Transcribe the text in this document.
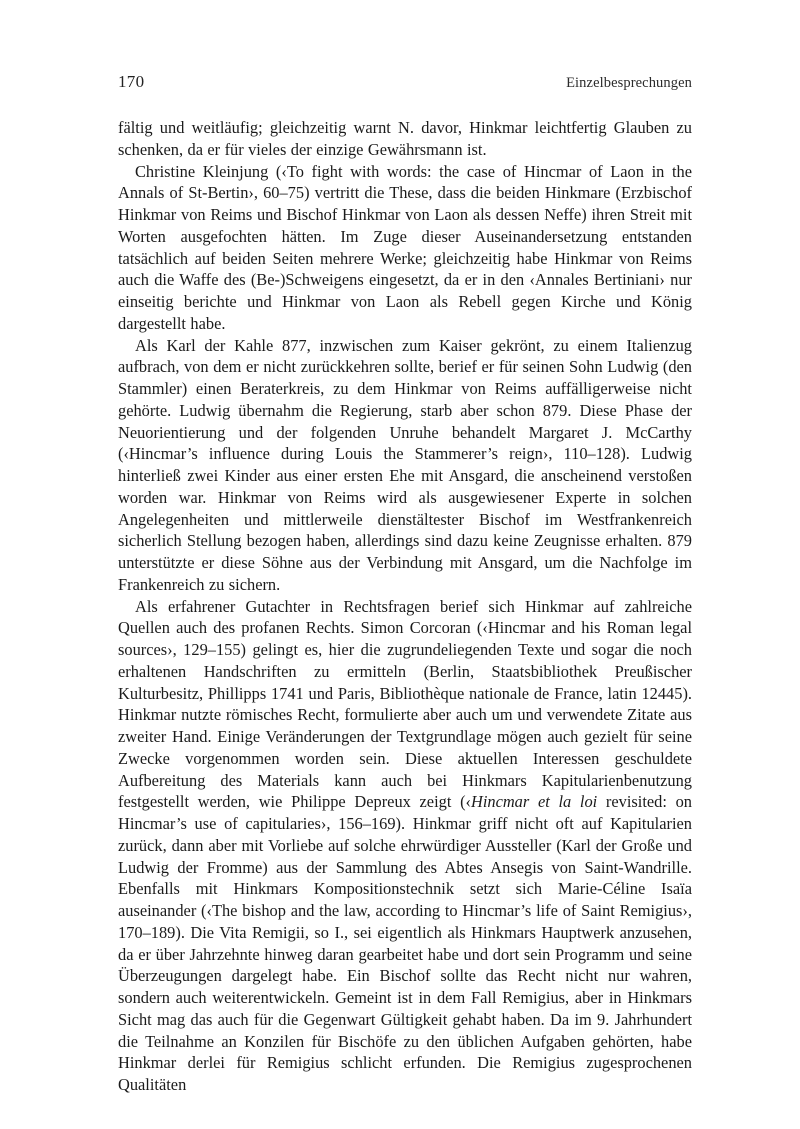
170	Einzelbesprechungen

fältig und weitläufig; gleichzeitig warnt N. davor, Hinkmar leichtfertig Glauben zu schenken, da er für vieles der einzige Gewährsmann ist.

Christine Kleinjung (‹To fight with words: the case of Hincmar of Laon in the Annals of St-Bertin›, 60–75) vertritt die These, dass die beiden Hinkmare (Erzbischof Hinkmar von Reims und Bischof Hinkmar von Laon als dessen Neffe) ihren Streit mit Worten ausgefochten hätten. Im Zuge dieser Auseinandersetzung entstanden tatsächlich auf beiden Seiten mehrere Werke; gleichzeitig habe Hinkmar von Reims auch die Waffe des (Be-)Schweigens eingesetzt, da er in den ‹Annales Bertiniani› nur einseitig berichte und Hinkmar von Laon als Rebell gegen Kirche und König dargestellt habe.

Als Karl der Kahle 877, inzwischen zum Kaiser gekrönt, zu einem Italienzug aufbrach, von dem er nicht zurückkehren sollte, berief er für seinen Sohn Ludwig (den Stammler) einen Beraterkreis, zu dem Hinkmar von Reims auffälligerweise nicht gehörte. Ludwig übernahm die Regierung, starb aber schon 879. Diese Phase der Neuorientierung und der folgenden Unruhe behandelt Margaret J. McCarthy (‹Hincmar’s influence during Louis the Stammerer’s reign›, 110–128). Ludwig hinterließ zwei Kinder aus einer ersten Ehe mit Ansgard, die anscheinend verstoßen worden war. Hinkmar von Reims wird als ausgewiesener Experte in solchen Angelegenheiten und mittlerweile dienstältester Bischof im Westfrankenreich sicherlich Stellung bezogen haben, allerdings sind dazu keine Zeugnisse erhalten. 879 unterstützte er diese Söhne aus der Verbindung mit Ansgard, um die Nachfolge im Frankenreich zu sichern.

Als erfahrener Gutachter in Rechtsfragen berief sich Hinkmar auf zahlreiche Quellen auch des profanen Rechts. Simon Corcoran (‹Hincmar and his Roman legal sources›, 129–155) gelingt es, hier die zugrundeliegenden Texte und sogar die noch erhaltenen Handschriften zu ermitteln (Berlin, Staatsbibliothek Preußischer Kulturbesitz, Phillipps 1741 und Paris, Bibliothèque nationale de France, latin 12445). Hinkmar nutzte römisches Recht, formulierte aber auch um und verwendete Zitate aus zweiter Hand. Einige Veränderungen der Textgrundlage mögen auch gezielt für seine Zwecke vorgenommen worden sein. Diese aktuellen Interessen geschuldete Aufbereitung des Materials kann auch bei Hinkmars Kapitularienbenutzung festgestellt werden, wie Philippe Depreux zeigt (‹Hincmar et la loi revisited: on Hincmar’s use of capitularies›, 156–169). Hinkmar griff nicht oft auf Kapitularien zurück, dann aber mit Vorliebe auf solche ehrwürdiger Aussteller (Karl der Große und Ludwig der Fromme) aus der Sammlung des Abtes Ansegis von Saint-Wandrille. Ebenfalls mit Hinkmars Kompositionstechnik setzt sich Marie-Céline Isaïa auseinander (‹The bishop and the law, according to Hincmar’s life of Saint Remigius›, 170–189). Die Vita Remigii, so I., sei eigentlich als Hinkmars Hauptwerk anzusehen, da er über Jahrzehnte hinweg daran gearbeitet habe und dort sein Programm und seine Überzeugungen dargelegt habe. Ein Bischof sollte das Recht nicht nur wahren, sondern auch weiterentwickeln. Gemeint ist in dem Fall Remigius, aber in Hinkmars Sicht mag das auch für die Gegenwart Gültigkeit gehabt haben. Da im 9. Jahrhundert die Teilnahme an Konzilen für Bischöfe zu den üblichen Aufgaben gehörten, habe Hinkmar derlei für Remigius schlicht erfunden. Die Remigius zugesprochenen Qualitäten
